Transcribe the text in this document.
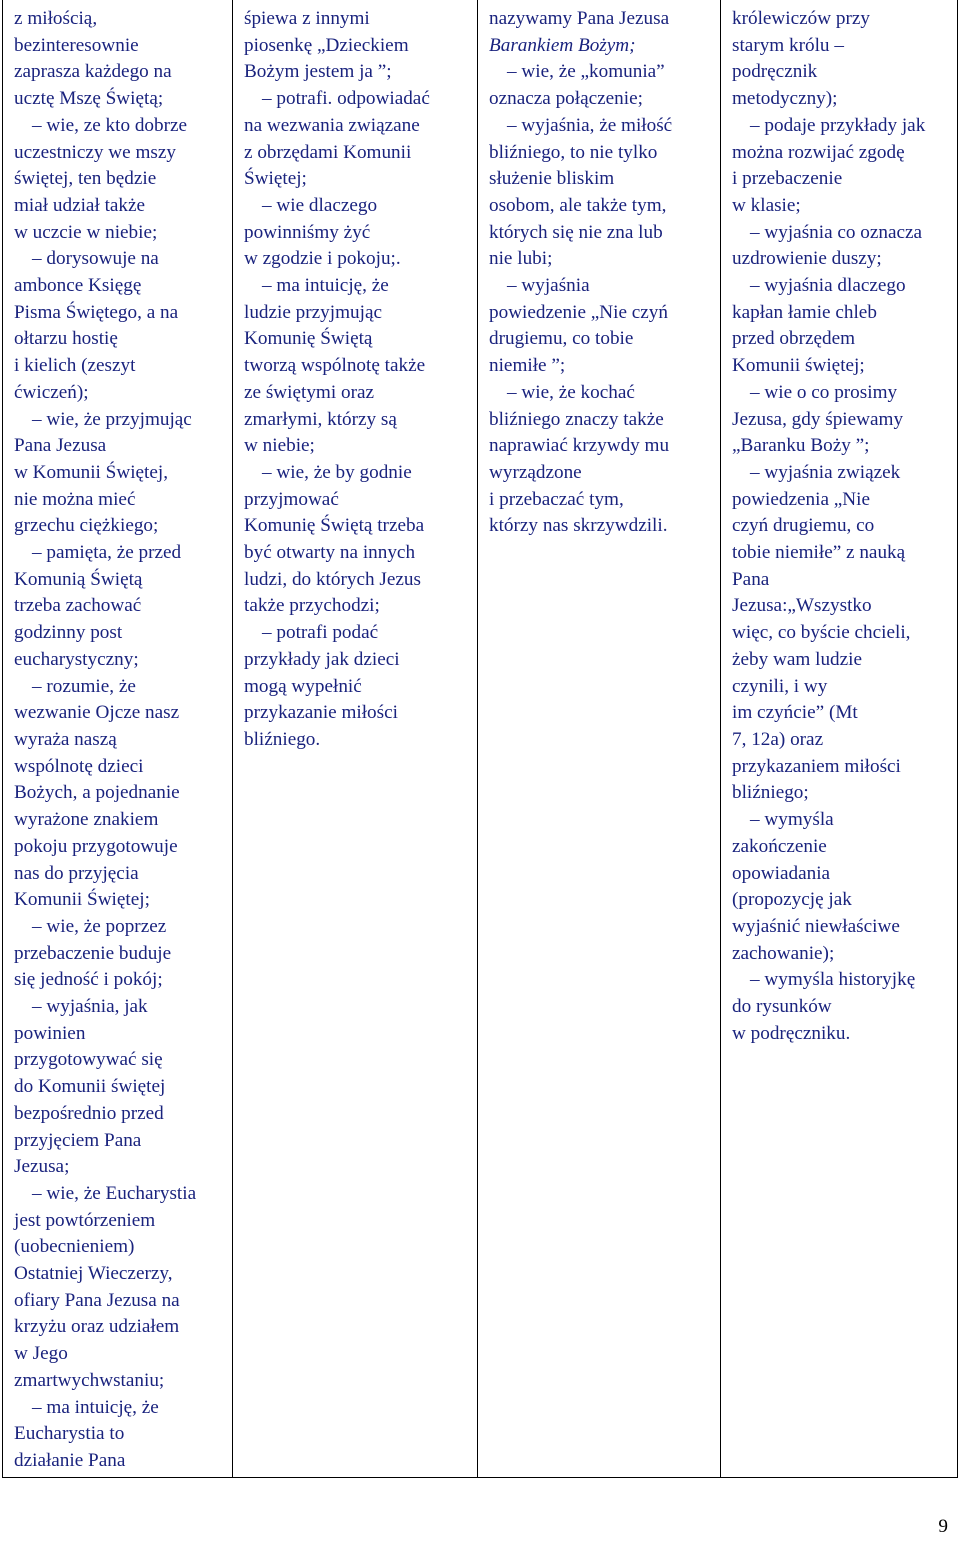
z miłością,
bezinteresownie
zaprasza każdego na
ucztę Mszę Świętą;
– wie, ze kto dobrze
uczestniczy we mszy
świętej, ten będzie
miał udział także
w uczcie w niebie;
– dorysowuje na
ambonce Księgę
Pisma Świętego, a na
ołtarzu hostię
i kielich (zeszyt
ćwiczeń);
– wie, że przyjmując
Pana Jezusa
w Komunii Świętej,
nie można mieć
grzechu ciężkiego;
– pamięta, że przed
Komunią Świętą
trzeba zachować
godzinny post
eucharystyczny;
– rozumie, że
wezwanie Ojcze nasz
wyraża naszą
wspólnotę dzieci
Bożych, a pojednanie
wyrażone znakiem
pokoju przygotowuje
nas do przyjęcia
Komunii Świętej;
– wie, że poprzez
przebaczenie buduje
się jedność i pokój;
– wyjaśnia, jak
powinien
przygotowywać się
do Komunii świętej
bezpośrednio przed
przyjęciem Pana
Jezusa;
– wie, że Eucharystia
jest powtórzeniem
(uobecnieniem)
Ostatniej Wieczerzy,
ofiary Pana Jezusa na
krzyżu oraz udziałem
w Jego
zmartwychwstaniu;
– ma intuicję, że
Eucharystia to
działanie Pana
śpiewa z innymi
piosenkę „Dzieckiem
Bożym jestem ja ”;
– potrafi. odpowiadać
na wezwania związane
z obrzędami Komunii
Świętej;
– wie dlaczego
powinniśmy żyć
w zgodzie i pokoju;.
– ma intuicję, że
ludzie przyjmując
Komunię Świętą
tworzą wspólnotę także
ze świętymi oraz
zmarłymi, którzy są
w niebie;
– wie, że by godnie
przyjmować
Komunię Świętą trzeba
być otwarty na innych
ludzi, do których Jezus
także przychodzi;
– potrafi podać
przykłady jak dzieci
mogą wypełnić
przykazanie miłości
bliźniego.
nazywamy Pana Jezusa
Barankiem Bożym;
– wie, że „komunia”
oznacza połączenie;
– wyjaśnia, że miłość
bliźniego, to nie tylko
służenie bliskim
osobom, ale także tym,
których się nie zna lub
nie lubi;
– wyjaśnia
powiedzenie „Nie czyń
drugiemu, co tobie
niemiłe ”;
– wie, że kochać
bliźniego znaczy także
naprawiać krzywdy mu
wyrządzone
i przebaczać tym,
którzy nas skrzywdzili.
królewiczów przy
starym królu –
podręcznik
metodyczny);
– podaje przykłady jak
można rozwijać zgodę
i przebaczenie
w klasie;
– wyjaśnia co oznacza
uzdrowienie duszy;
– wyjaśnia dlaczego
kapłan łamie chleb
przed obrzędem
Komunii świętej;
– wie o co prosimy
Jezusa, gdy śpiewamy
„Baranku Boży ”;
– wyjaśnia związek
powiedzenia „Nie
czyń drugiemu, co
tobie niemiłe” z nauką
Pana
Jezusa:„Wszystko
więc, co byście chcieli,
żeby wam ludzie
czynili, i wy
im czyńcie” (Mt
7, 12a) oraz
przykazaniem miłości
bliźniego;
– wymyśla
zakończenie
opowiadania
(propozycję jak
wyjaśnić niewłaściwe
zachowanie);
– wymyśla historyjkę
do rysunków
w podręczniku.
9
